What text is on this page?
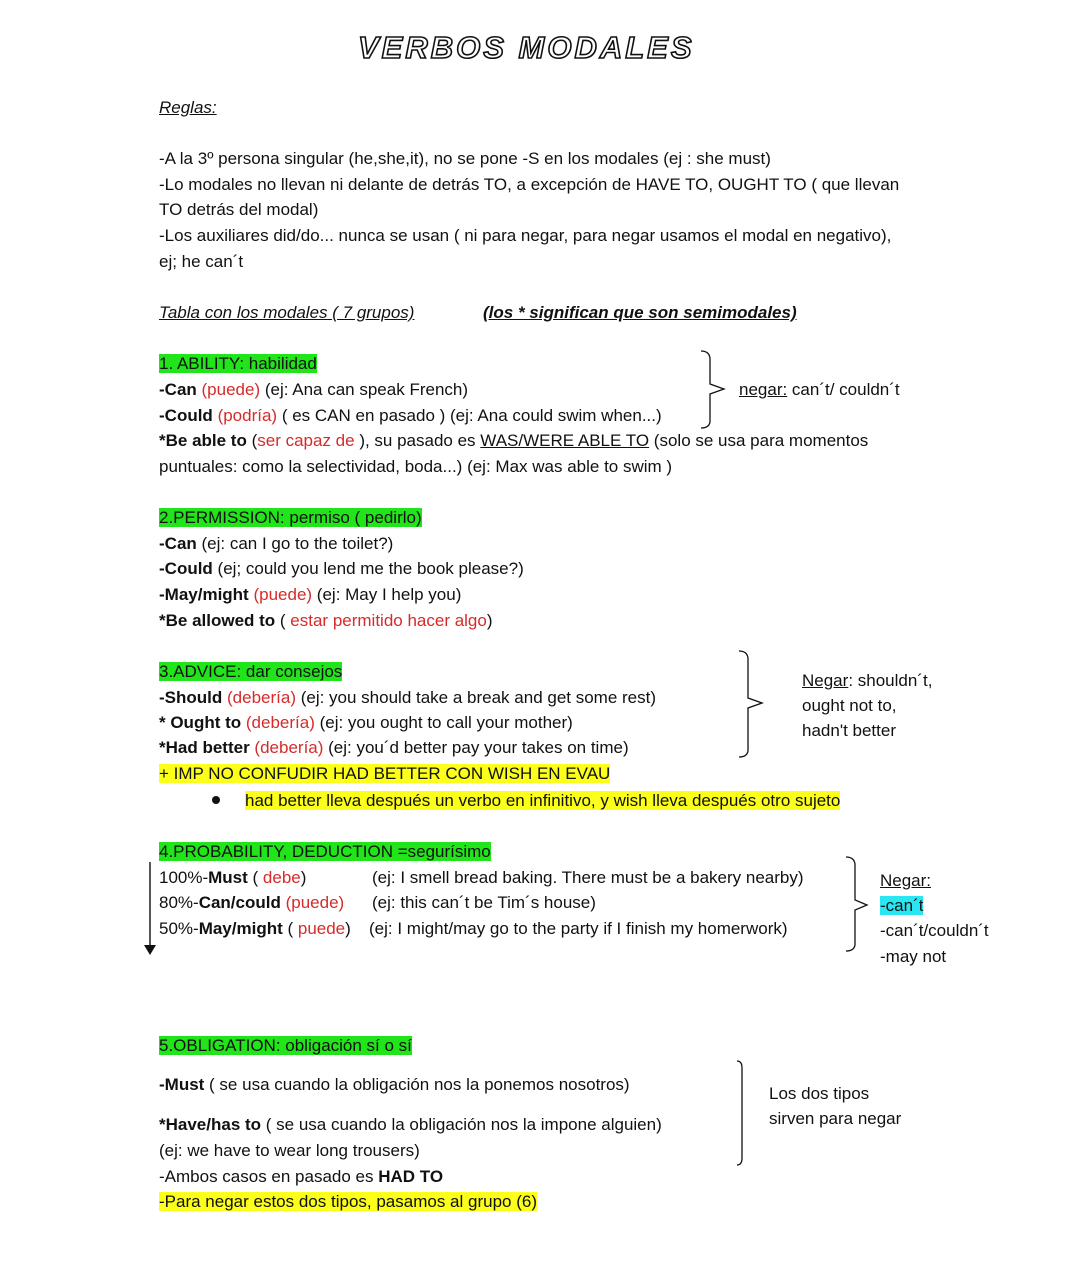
VERBOS MODALES
Reglas:
-A la 3º persona singular (he,she,it), no se pone -S en los modales (ej : she must)
-Lo modales no llevan ni delante de detrás TO, a excepción de HAVE TO, OUGHT TO ( que llevan
TO detrás del modal)
-Los auxiliares did/do... nunca se usan ( ni para negar, para negar usamos el modal en negativo),
ej; he can´t
Tabla con los modales ( 7 grupos)	(los * significan que son semimodales)
1. ABILITY: habilidad
-Can (puede) (ej: Ana can speak French)
-Could (podría) ( es CAN en pasado ) (ej: Ana could swim when...)
*Be able to (ser capaz de ), su pasado es WAS/WERE ABLE TO (solo se usa para momentos
puntuales: como la selectividad, boda...) (ej: Max was able to swim )
negar: can´t/ couldn´t
2.PERMISSION: permiso ( pedirlo)
-Can (ej: can I go to the toilet?)
-Could (ej; could you lend me the book please?)
-May/might (puede) (ej: May I help you)
*Be allowed to ( estar permitido hacer algo)
3.ADVICE: dar consejos
-Should (debería) (ej: you should take a break and get some rest)
* Ought to (debería) (ej: you ought to call your mother)
*Had better (debería) (ej: you´d better pay your takes on time)
+ IMP NO CONFUDIR HAD BETTER CON WISH EN EVAU
had better lleva después un verbo en infinitivo, y wish lleva después otro sujeto
Negar: shouldn´t,
ought not to,
hadn't better
4.PROBABILITY, DEDUCTION =segurísimo
100%-Must ( debe)	(ej: I smell bread baking. There must be a bakery nearby)
80%-Can/could (puede) (ej: this can´t be Tim´s house)
50%-May/might ( puede) (ej: I might/may go to the party if I finish my homerwork)
Negar:
-can´t
-can´t/couldn´t
-may not
5.OBLIGATION: obligación sí o sí
-Must ( se usa cuando la obligación nos la ponemos nosotros)
*Have/has to ( se usa cuando la obligación nos la impone alguien)
(ej: we have to wear long trousers)
-Ambos casos en pasado es HAD TO
-Para negar estos dos tipos, pasamos al grupo (6)
Los dos tipos
sirven para negar
